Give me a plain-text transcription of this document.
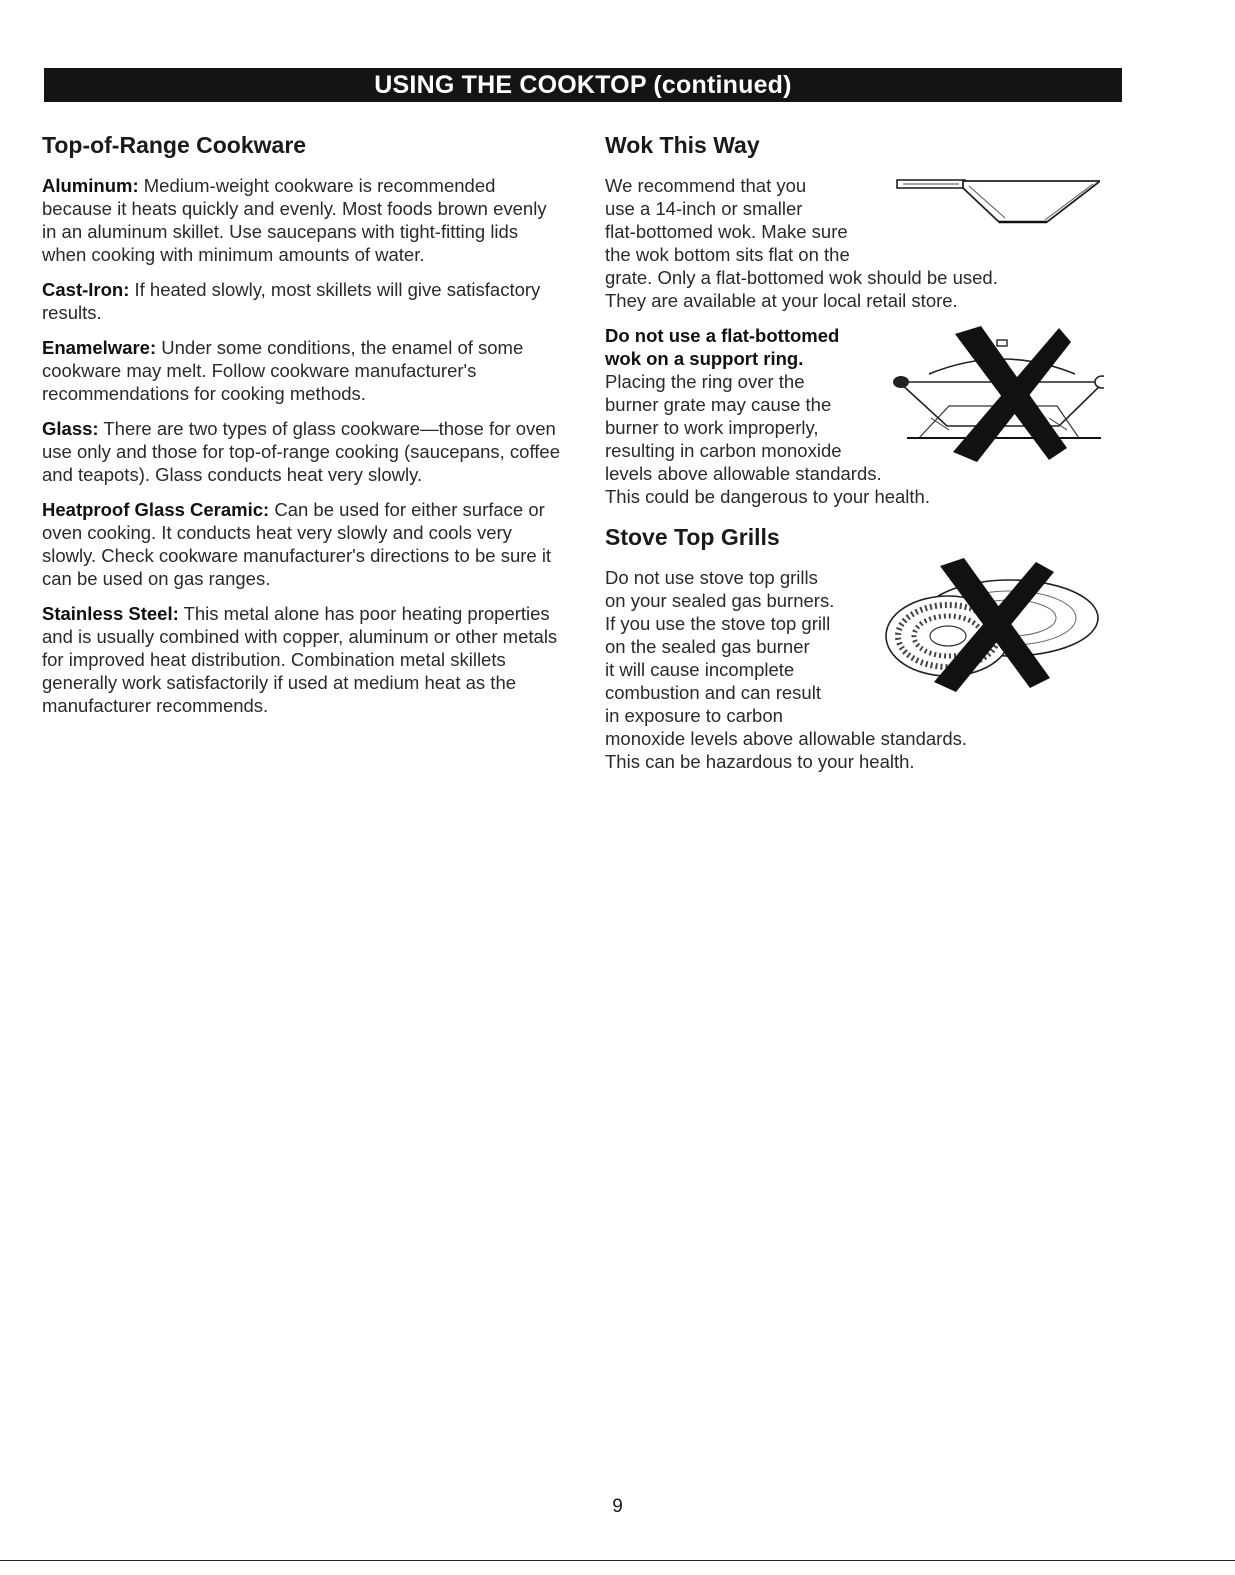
USING THE COOKTOP (continued)
Top-of-Range Cookware

Aluminum: Medium-weight cookware is recommended because it heats quickly and evenly. Most foods brown evenly in an aluminum skillet. Use saucepans with tight-fitting lids when cooking with minimum amounts of water.

Cast-Iron: If heated slowly, most skillets will give satisfactory results.

Enamelware: Under some conditions, the enamel of some cookware may melt. Follow cookware manufacturer's recommendations for cooking methods.

Glass: There are two types of glass cookware—those for oven use only and those for top-of-range cooking (saucepans, coffee and teapots). Glass conducts heat very slowly.

Heatproof Glass Ceramic: Can be used for either surface or oven cooking. It conducts heat very slowly and cools very slowly. Check cookware manufacturer's directions to be sure it can be used on gas ranges.

Stainless Steel: This metal alone has poor heating properties and is usually combined with copper, aluminum or other metals for improved heat distribution. Combination metal skillets generally work satisfactorily if used at medium heat as the manufacturer recommends.

Wok This Way

We recommend that you
use a 14-inch or smaller
flat-bottomed wok. Make sure
the wok bottom sits flat on the
grate. Only a flat-bottomed wok should be used.
They are available at your local retail store.

Do not use a flat-bottomed
wok on a support ring.
Placing the ring over the
burner grate may cause the
burner to work improperly,
resulting in carbon monoxide
levels above allowable standards.
This could be dangerous to your health.

Stove Top Grills

Do not use stove top grills
on your sealed gas burners.
If you use the stove top grill
on the sealed gas burner
it will cause incomplete
combustion and can result
in exposure to carbon
monoxide levels above allowable standards.
This can be hazardous to your health.

9
